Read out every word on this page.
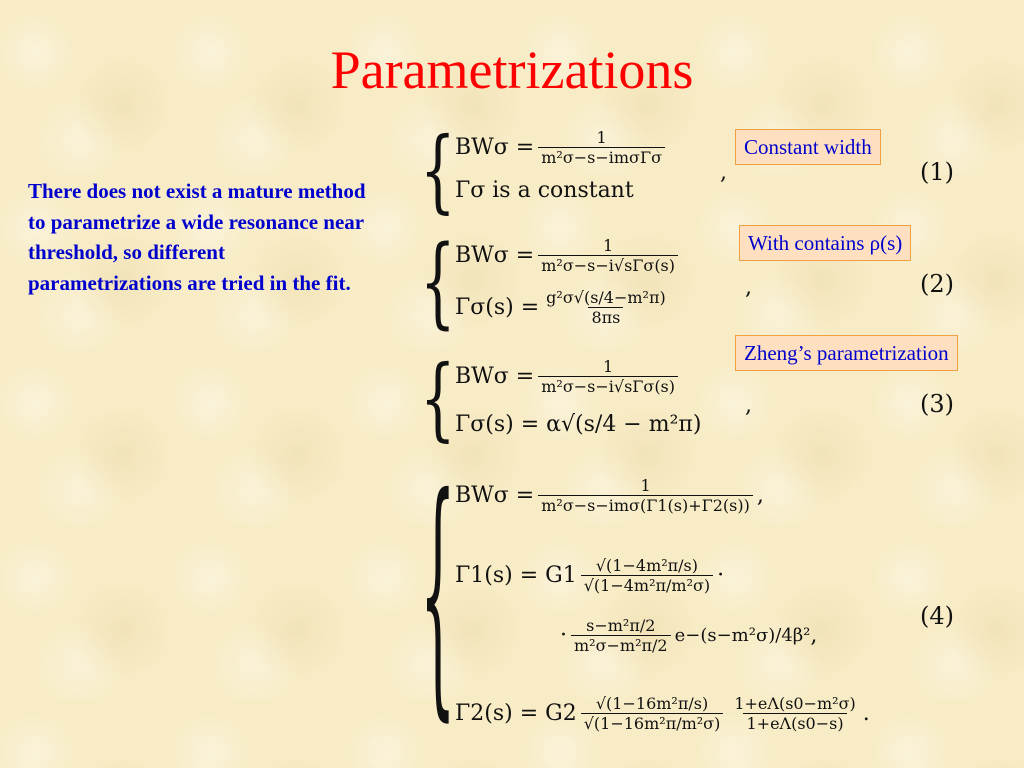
Parametrizations
There does not exist a mature method to parametrize a wide resonance near threshold, so different parametrizations are tried in the fit.
Constant width
With contains ρ(s)
Zheng’s parametrization
{ $BW\sigma = \frac{1}{\text{m²σ−s−imσΓσ}}$
Γσ is a constant
,	(1)
{ $BW\sigma = \frac{1}{\text{m²σ−s−i√sΓσ(s)}}$
$\Gamma\sigma(s) = \frac{\text{g²σ√(s/4−m²π)}}{8\pi s}$
,	(2)
{ $BW\sigma = \frac{1}{\text{m²σ−s−i√sΓσ(s)}}$
Γσ(s) = α√(s/4 − m²π)
,	(3)
{ $BW\sigma = \frac{1}{\text{m²σ−s−imσ(Γ1(s)+Γ2(s))}}$ ,
$\Gamma 1(s) = G1 \frac{\text{√(1−4m²π/s)}}{\text{√(1−4m²π/m²σ)}}$ ·
· $\frac{\text{s−m²π/2}}{\text{m²σ−m²π/2}} e-(s-m^2\sigma)/4\beta^2$ ,
$\Gamma 2(s) = G2 \frac{\text{√(1−16m²π/s)}}{\text{√(1−16m²π/m²σ)}} \frac{\text{1+eΛ(s0−m²σ)}}{1+e\Lambda(s0-s)}$ .
(4)
